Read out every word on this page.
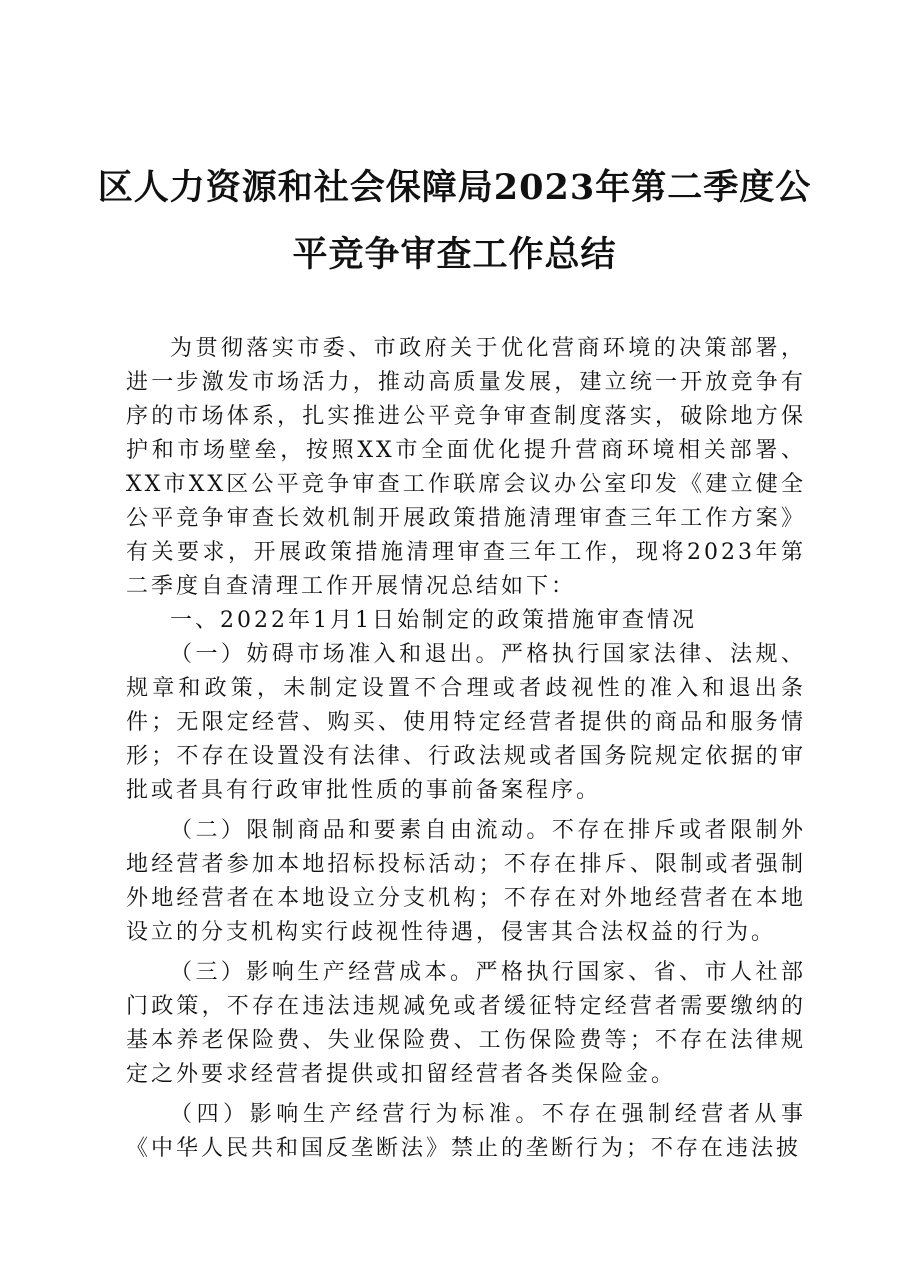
区人力资源和社会保障局2023年第二季度公
平竞争审查工作总结

为贯彻落实市委、市政府关于优化营商环境的决策部署，进一步激发市场活力，推动高质量发展，建立统一开放竞争有序的市场体系，扎实推进公平竞争审查制度落实，破除地方保护和市场壁垒，按照XX市全面优化提升营商环境相关部署、XX市XX区公平竞争审查工作联席会议办公室印发《建立健全公平竞争审查长效机制开展政策措施清理审查三年工作方案》有关要求，开展政策措施清理审查三年工作，现将2023年第二季度自查清理工作开展情况总结如下：

一、2022年1月1日始制定的政策措施审查情况

（一）妨碍市场准入和退出。严格执行国家法律、法规、规章和政策，未制定设置不合理或者歧视性的准入和退出条件；无限定经营、购买、使用特定经营者提供的商品和服务情形；不存在设置没有法律、行政法规或者国务院规定依据的审批或者具有行政审批性质的事前备案程序。

（二）限制商品和要素自由流动。不存在排斥或者限制外地经营者参加本地招标投标活动；不存在排斥、限制或者强制外地经营者在本地设立分支机构；不存在对外地经营者在本地设立的分支机构实行歧视性待遇，侵害其合法权益的行为。

（三）影响生产经营成本。严格执行国家、省、市人社部门政策，不存在违法违规减免或者缓征特定经营者需要缴纳的基本养老保险费、失业保险费、工伤保险费等；不存在法律规定之外要求经营者提供或扣留经营者各类保险金。

（四）影响生产经营行为标准。不存在强制经营者从事《中华人民共和国反垄断法》禁止的垄断行为；不存在违法披
